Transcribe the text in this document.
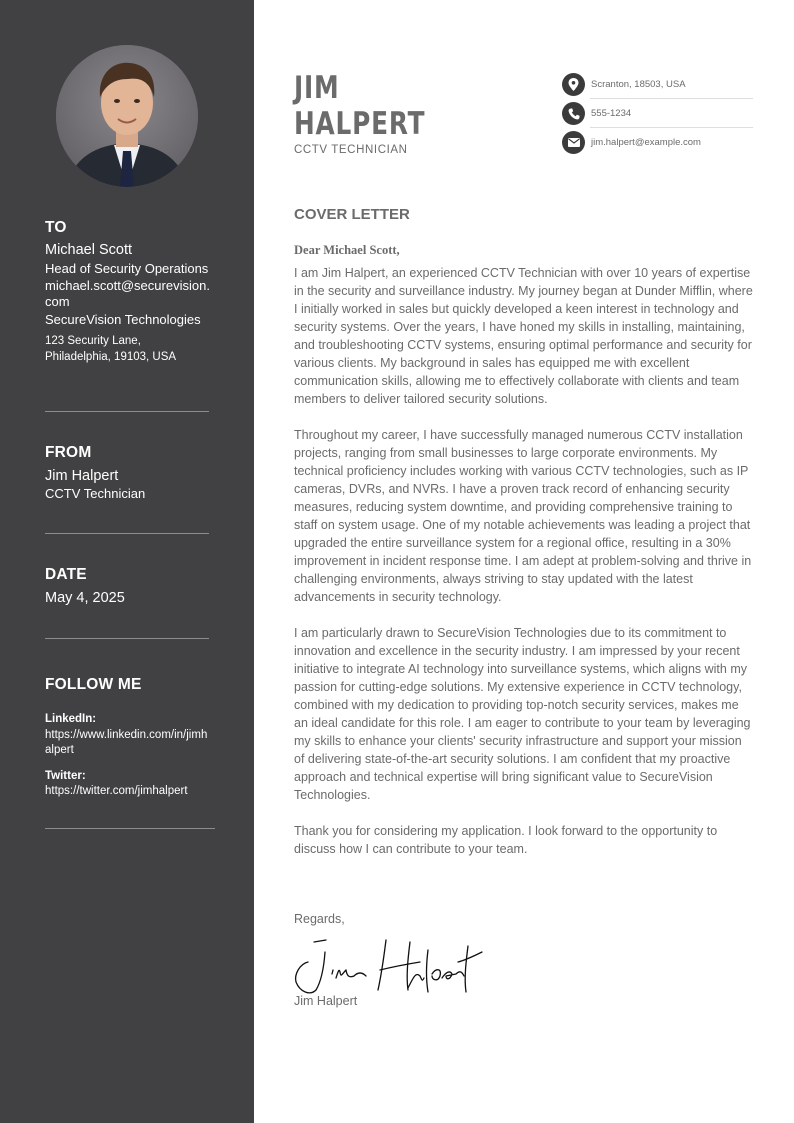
TO
Michael Scott
Head of Security Operations
michael.scott@securevision.com
SecureVision Technologies
123 Security Lane,
Philadelphia, 19103, USA
FROM
Jim Halpert
CCTV Technician
DATE
May 4, 2025
FOLLOW ME
LinkedIn:
https://www.linkedin.com/in/jimhalpert
Twitter:
https://twitter.com/jimhalpert
JIM
HALPERT
CCTV TECHNICIAN
Scranton, 18503, USA
555-1234
jim.halpert@example.com
COVER LETTER
Dear Michael Scott,
I am Jim Halpert, an experienced CCTV Technician with over 10 years of expertise in the security and surveillance industry. My journey began at Dunder Mifflin, where I initially worked in sales but quickly developed a keen interest in technology and security systems. Over the years, I have honed my skills in installing, maintaining, and troubleshooting CCTV systems, ensuring optimal performance and security for various clients. My background in sales has equipped me with excellent communication skills, allowing me to effectively collaborate with clients and team members to deliver tailored security solutions.
Throughout my career, I have successfully managed numerous CCTV installation projects, ranging from small businesses to large corporate environments. My technical proficiency includes working with various CCTV technologies, such as IP cameras, DVRs, and NVRs. I have a proven track record of enhancing security measures, reducing system downtime, and providing comprehensive training to staff on system usage. One of my notable achievements was leading a project that upgraded the entire surveillance system for a regional office, resulting in a 30% improvement in incident response time. I am adept at problem-solving and thrive in challenging environments, always striving to stay updated with the latest advancements in security technology.
I am particularly drawn to SecureVision Technologies due to its commitment to innovation and excellence in the security industry. I am impressed by your recent initiative to integrate AI technology into surveillance systems, which aligns with my passion for cutting-edge solutions. My extensive experience in CCTV technology, combined with my dedication to providing top-notch security services, makes me an ideal candidate for this role. I am eager to contribute to your team by leveraging my skills to enhance your clients' security infrastructure and support your mission of delivering state-of-the-art security solutions. I am confident that my proactive approach and technical expertise will bring significant value to SecureVision Technologies.
Thank you for considering my application. I look forward to the opportunity to discuss how I can contribute to your team.
Regards,
Jim Halpert
